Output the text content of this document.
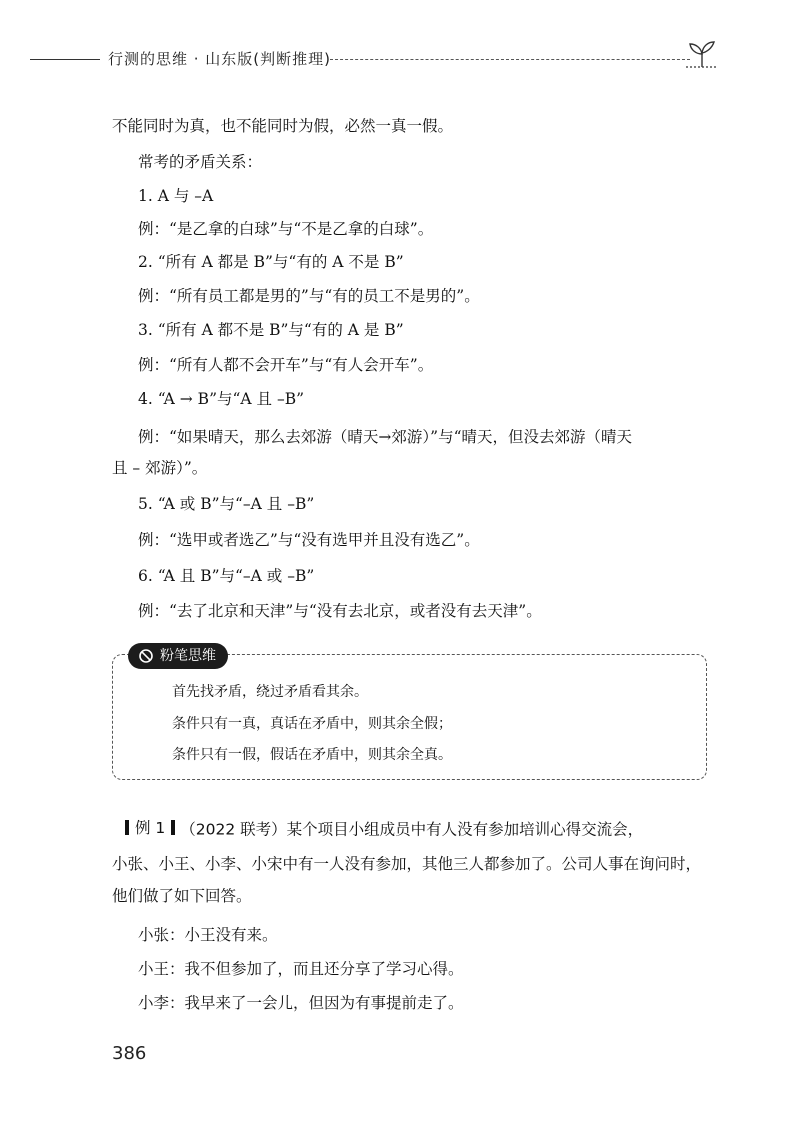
行测的思维 · 山东版(判断推理)
不能同时为真，也不能同时为假，必然一真一假。
常考的矛盾关系：
1. A 与 –A
例：“是乙拿的白球”与“不是乙拿的白球”。
2. “所有 A 都是 B”与“有的 A 不是 B”
例：“所有员工都是男的”与“有的员工不是男的”。
3. “所有 A 都不是 B”与“有的 A 是 B”
例：“所有人都不会开车”与“有人会开车”。
4. “A → B”与“A 且 –B”
例：“如果晴天，那么去郊游（晴天→郊游）”与“晴天，但没去郊游（晴天
且 – 郊游）”。
5. “A 或 B”与“–A 且 –B”
例：“选甲或者选乙”与“没有选甲并且没有选乙”。
6. “A 且 B”与“–A 或 –B”
例：“去了北京和天津”与“没有去北京，或者没有去天津”。
粉笔思维
首先找矛盾，绕过矛盾看其余。
条件只有一真，真话在矛盾中，则其余全假；
条件只有一假，假话在矛盾中，则其余全真。
例 1 （2022 联考）某个项目小组成员中有人没有参加培训心得交流会，
小张、小王、小李、小宋中有一人没有参加，其他三人都参加了。公司人事在询问时，
他们做了如下回答。
小张：小王没有来。
小王：我不但参加了，而且还分享了学习心得。
小李：我早来了一会儿，但因为有事提前走了。
386
